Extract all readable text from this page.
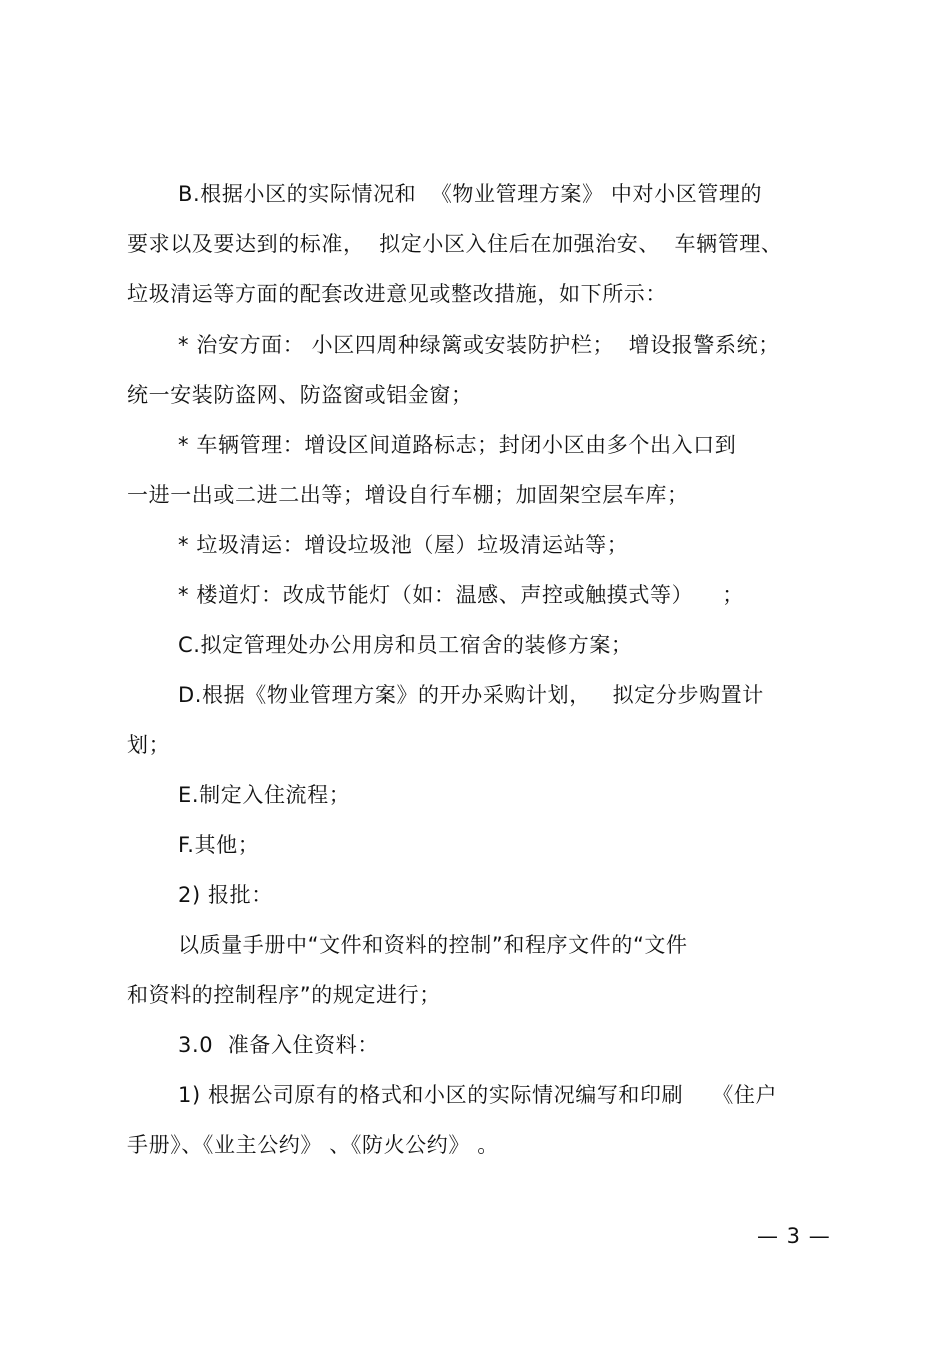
B.根据小区的实际情况和  《物业管理方案》 中对小区管理的
要求以及要达到的标准，  拟定小区入住后在加强治安、  车辆管理、
垃圾清运等方面的配套改进意见或整改措施，如下所示：
* 治安方面： 小区四周种绿篱或安装防护栏；  增设报警系统；
统一安装防盗网、防盗窗或铝金窗；
* 车辆管理：增设区间道路标志；封闭小区由多个出入口到
一进一出或二进二出等；增设自行车棚；加固架空层车库；
* 垃圾清运：增设垃圾池（屋）垃圾清运站等；
* 楼道灯：改成节能灯（如：温感、声控或触摸式等）    ；
C.拟定管理处办公用房和员工宿舍的装修方案；
D.根据《物业管理方案》的开办采购计划，   拟定分步购置计
划；
E.制定入住流程；
F.其他；
2) 报批：
以质量手册中“文件和资料的控制”和程序文件的“文件
和资料的控制程序”的规定进行；
3.0  准备入住资料：
1) 根据公司原有的格式和小区的实际情况编写和印刷    《住户
手册》、《业主公约》 、《防火公约》 。
— 3 —
